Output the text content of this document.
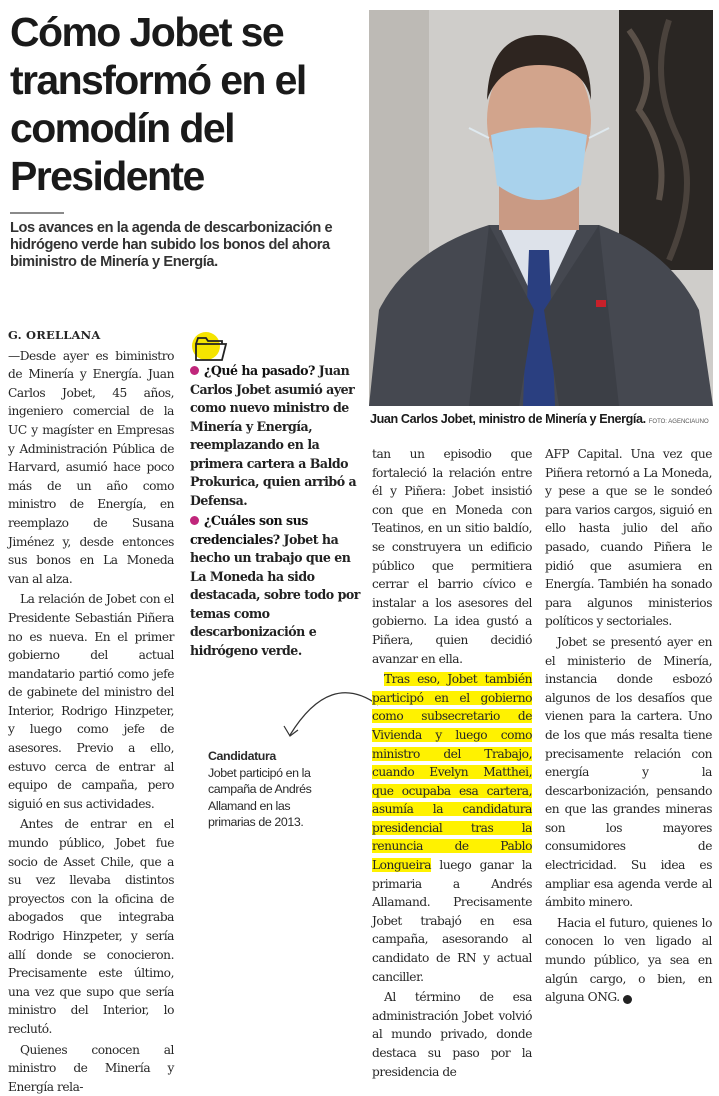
Cómo Jobet se transformó en el comodín del Presidente

Los avances en la agenda de descarbonización e hidrógeno verde han subido los bonos del ahora biministro de Minería y Energía.

Juan Carlos Jobet, ministro de Minería y Energía. FOTO: AGENCIAUNO

G. ORELLANA

—Desde ayer es biministro de Minería y Energía. Juan Carlos Jobet, 45 años, ingeniero comercial de la UC y magíster en Empresas y Administración Pública de Harvard, asumió hace poco más de un año como ministro de Energía, en reemplazo de Susana Jiménez y, desde entonces sus bonos en La Moneda van al alza.

La relación de Jobet con el Presidente Sebastián Piñera no es nueva. En el primer gobierno del actual mandatario partió como jefe de gabinete del ministro del Interior, Rodrigo Hinzpeter, y luego como jefe de asesores. Previo a ello, estuvo cerca de entrar al equipo de campaña, pero siguió en sus actividades.

Antes de entrar en el mundo público, Jobet fue socio de Asset Chile, que a su vez llevaba distintos proyectos con la oficina de abogados que integraba Rodrigo Hinzpeter, y sería allí donde se conocieron. Precisamente este último, una vez que supo que sería ministro del Interior, lo reclutó.

Quienes conocen al ministro de Minería y Energía rela-

¿Qué ha pasado? Juan Carlos Jobet asumió ayer como nuevo ministro de Minería y Energía, reemplazando en la primera cartera a Baldo Prokurica, quien arribó a Defensa.
¿Cuáles son sus credenciales? Jobet ha hecho un trabajo que en La Moneda ha sido destacada, sobre todo por temas como descarbonización e hidrógeno verde.
Candidatura
Jobet participó en la campaña de Andrés Allamand en las primarias de 2013.

tan un episodio que fortaleció la relación entre él y Piñera: Jobet insistió con que en Moneda con Teatinos, en un sitio baldío, se construyera un edificio público que permitiera cerrar el barrio cívico e instalar a los asesores del gobierno. La idea gustó a Piñera, quien decidió avanzar en ella.

Tras eso, Jobet también participó en el gobierno como subsecretario de Vivienda y luego como ministro del Trabajo, cuando Evelyn Matthei, que ocupaba esa cartera, asumía la candidatura presidencial tras la renuncia de Pablo Longueira luego ganar la primaria a Andrés Allamand. Precisamente Jobet trabajó en esa campaña, asesorando al candidato de RN y actual canciller.

Al término de esa administración Jobet volvió al mundo privado, donde destaca su paso por la presidencia de

AFP Capital. Una vez que Piñera retornó a La Moneda, y pese a que se le sondeó para varios cargos, siguió en ello hasta julio del año pasado, cuando Piñera le pidió que asumiera en Energía. También ha sonado para algunos ministerios políticos y sectoriales.

Jobet se presentó ayer en el ministerio de Minería, instancia donde esbozó algunos de los desafíos que vienen para la cartera. Uno de los que más resalta tiene precisamente relación con energía y la descarbonización, pensando en que las grandes mineras son los mayores consumidores de electricidad. Su idea es ampliar esa agenda verde al ámbito minero.

Hacia el futuro, quienes lo conocen lo ven ligado al mundo público, ya sea en algún cargo, o bien, en alguna ONG. P
